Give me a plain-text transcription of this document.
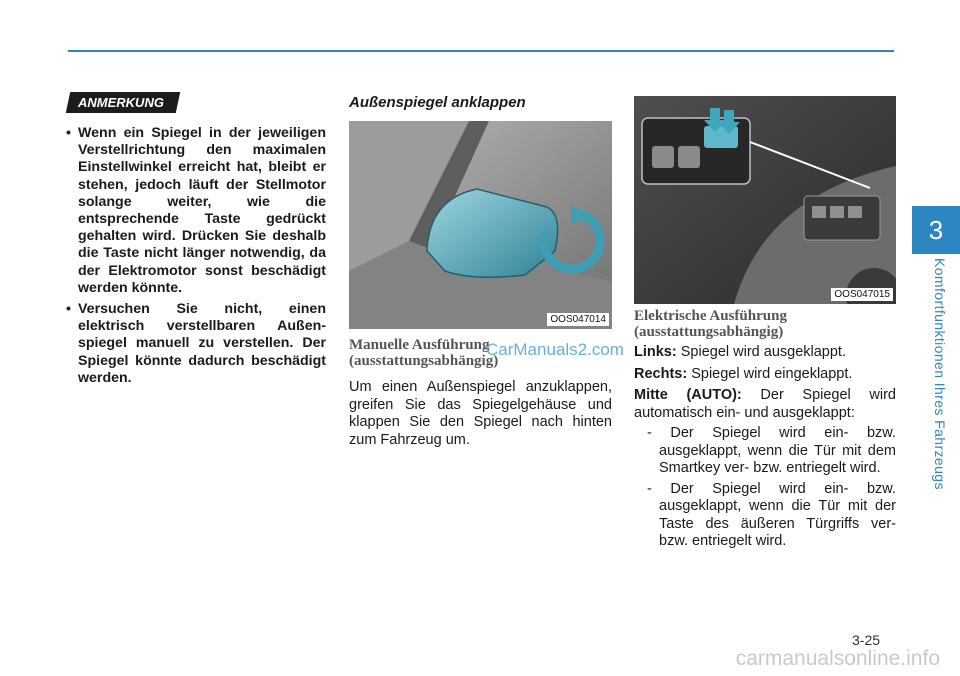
3
Komfortfunktionen Ihres Fahrzeugs
ANMERKUNG
• Wenn ein Spiegel in der jeweiligen Verstellrichtung den maximalen Einstellwinkel erreicht hat, bleibt er stehen, jedoch läuft der Stellmotor solange weiter, wie die entsprechende Taste gedrückt gehalten wird. Drücken Sie deshalb die Taste nicht länger notwendig, da der Elektromotor sonst beschädigt werden könnte.
• Versuchen Sie nicht, einen elektrisch verstellbaren Außen-spiegel manuell zu verstellen. Der Spiegel könnte dadurch beschädigt werden.
Außenspiegel anklappen
OOS047014
Manuelle Ausführung
(ausstattungsabhängig)

Um einen Außenspiegel anzuklappen, greifen Sie das Spiegelgehäuse und klappen Sie den Spiegel nach hinten zum Fahrzeug um.

OOS047015
Elektrische Ausführung
(ausstattungsabhängig)
Links: Spiegel wird ausgeklappt.
Rechts: Spiegel wird eingeklappt.
Mitte (AUTO): Der Spiegel wird automatisch ein- und ausgeklappt:
- Der Spiegel wird ein- bzw. ausgeklappt, wenn die Tür mit dem Smartkey ver- bzw. entriegelt wird.
- Der Spiegel wird ein- bzw. ausgeklappt, wenn die Tür mit der Taste des äußeren Türgriffs ver- bzw. entriegelt wird.
CarManuals2.com
3-25
carmanualsonline.info
